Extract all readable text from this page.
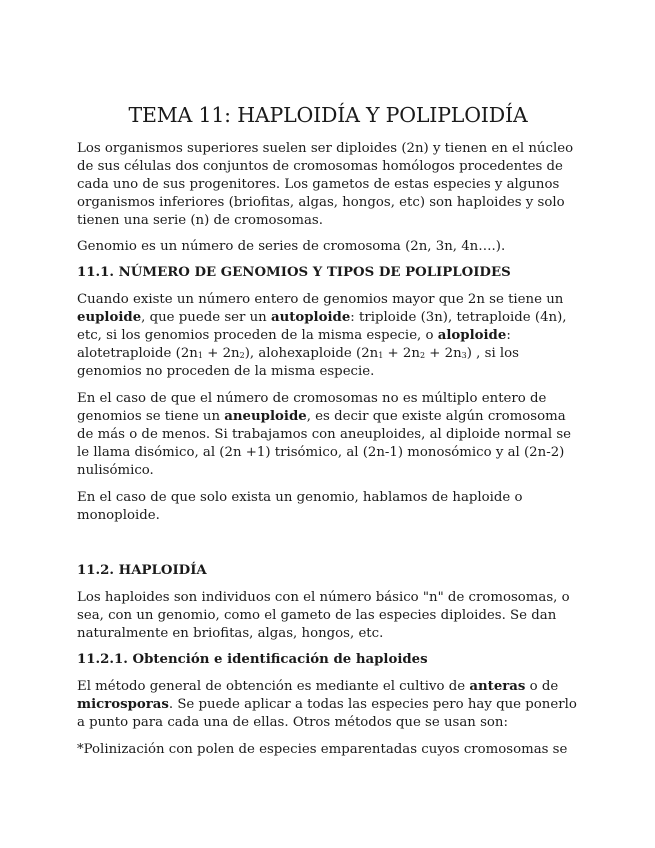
TEMA 11: HAPLOIDÍA Y POLIPLOIDÍA

Los organismos superiores suelen ser diploides (2n) y tienen en el núcleo de sus células dos conjuntos de cromosomas homólogos procedentes de cada uno de sus progenitores. Los gametos de estas especies y algunos organismos inferiores (briofitas, algas, hongos, etc) son haploides y solo tienen una serie (n) de cromosomas.

Genomio es un número de series de cromosoma (2n, 3n, 4n….).

11.1. NÚMERO DE GENOMIOS Y TIPOS DE POLIPLOIDES

Cuando existe un número entero de genomios mayor que 2n se tiene un euploide, que puede ser un autoploide: triploide (3n), tetraploide (4n), etc, si los genomios proceden de la misma especie, o aloploide: alotetraploide $(2n_1 + 2n_2)$, alohexaploide $(2n_1 + 2n_2 + 2n_3)$ , si los genomios no proceden de la misma especie.

En el caso de que el número de cromosomas no es múltiplo entero de genomios se tiene un aneuploide, es decir que existe algún cromosoma de más o de menos. Si trabajamos con aneuploides, al diploide normal se le llama disómico, al (2n +1) trisómico, al (2n-1) monosómico y al (2n-2) nulisómico.

En el caso de que solo exista un genomio, hablamos de haploide o monoploide.

11.2. HAPLOIDÍA

Los haploides son individuos con el número básico "n" de cromosomas, o sea, con un genomio, como el gameto de las especies diploides. Se dan naturalmente en briofitas, algas, hongos, etc.

11.2.1. Obtención e identificación de haploides

El método general de obtención es mediante el cultivo de anteras o de microsporas. Se puede aplicar a todas las especies pero hay que ponerlo a punto para cada una de ellas. Otros métodos que se usan son:

*Polinización con polen de especies emparentadas cuyos cromosomas se
